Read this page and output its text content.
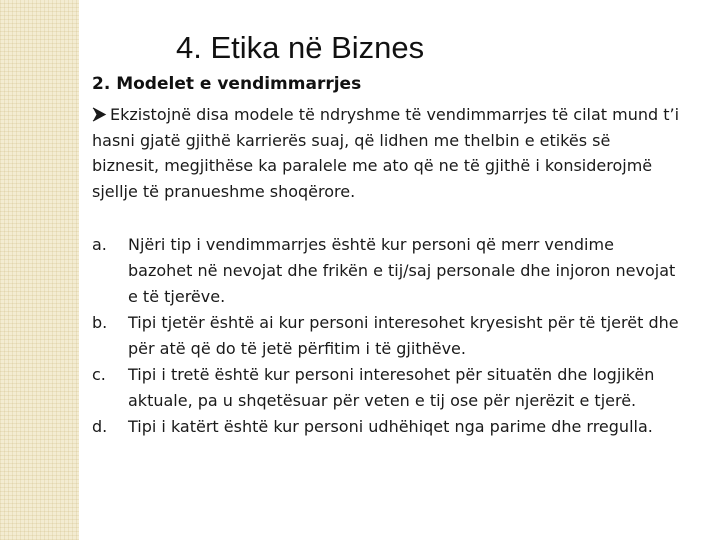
4. Etika në Biznes
2. Modelet e vendimmarrjes
Ekzistojnë disa modele të ndryshme të vendimmarrjes të cilat mund t’i hasni gjatë gjithë karrierës suaj, që lidhen me thelbin e etikës së biznesit, megjithëse ka paralele me ato që ne të gjithë i konsiderojmë sjellje të pranueshme shoqërore.
a. Njëri tip i vendimmarrjes është kur personi që merr vendime bazohet në nevojat dhe frikën e tij/saj personale dhe injoron nevojat e të tjerëve.
b. Tipi tjetër është ai kur personi interesohet kryesisht për të tjerët dhe për atë që do të jetë përfitim i të gjithëve.
c. Tipi i tretë është kur personi interesohet për situatën dhe logjikën aktuale, pa u shqetësuar për veten e tij ose për njerëzit e tjerë.
d. Tipi i katërt është kur personi udhëhiqet nga parime dhe rregulla.
